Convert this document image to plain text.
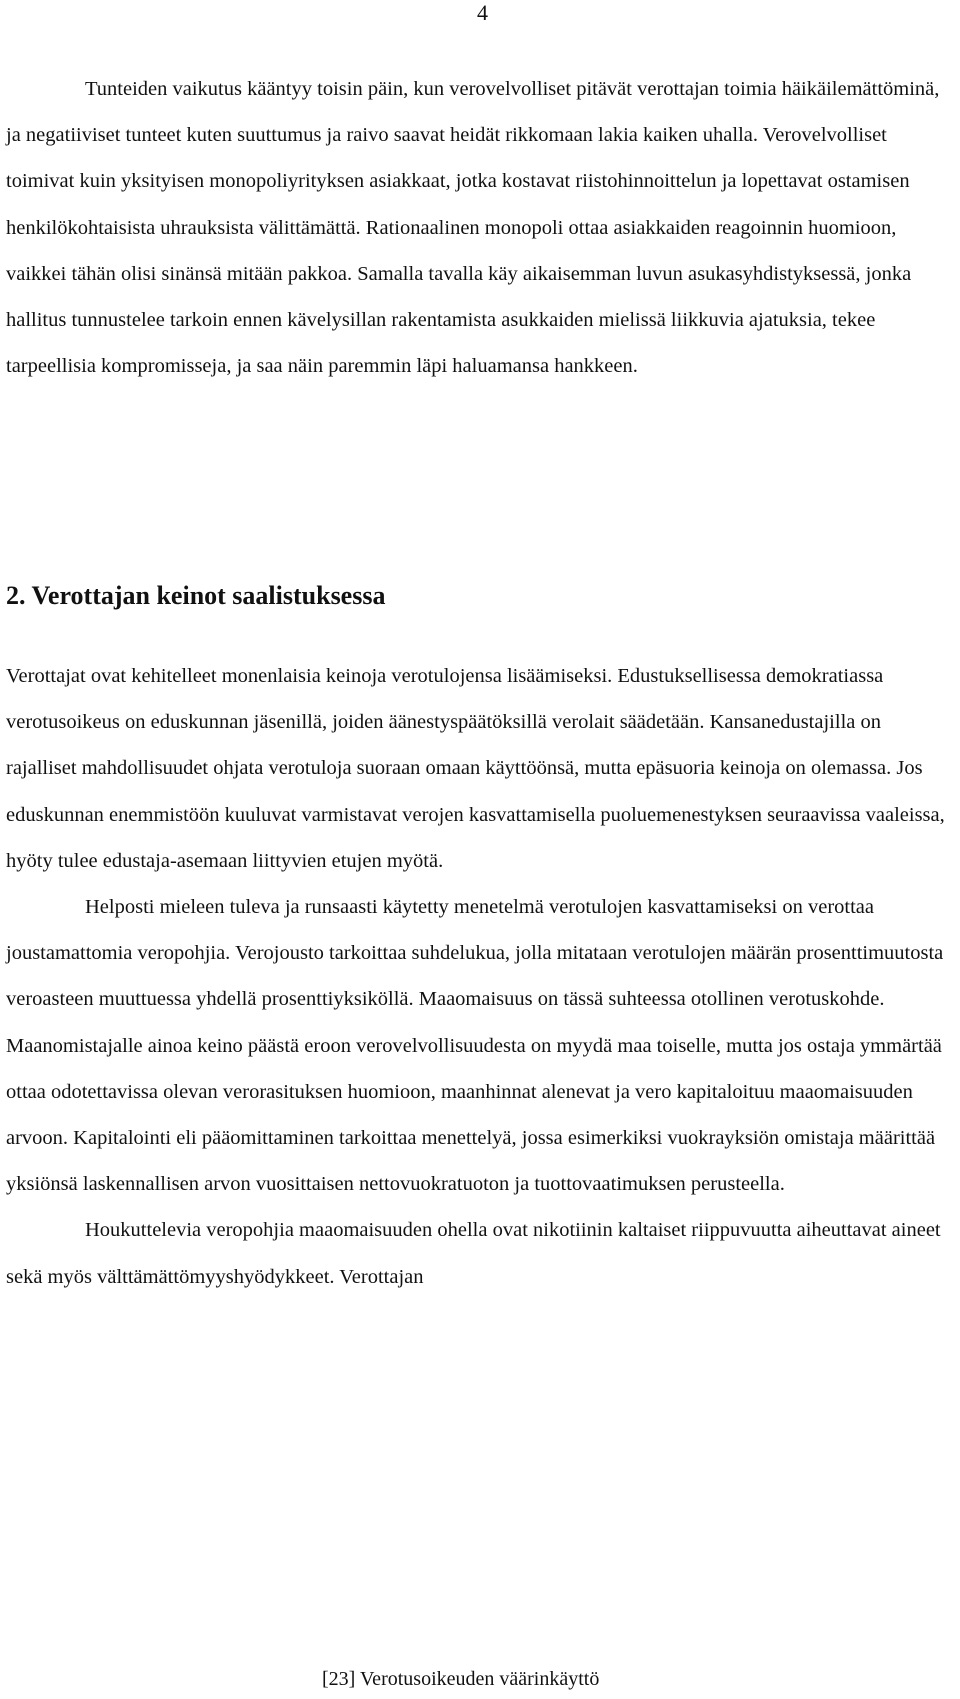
4

Tunteiden vaikutus kääntyy toisin päin, kun verovelvolliset pitävät verottajan toimia häikäilemättöminä, ja negatiiviset tunteet kuten suuttumus ja raivo saavat heidät rikkomaan lakia kaiken uhalla. Verovelvolliset toimivat kuin yksityisen monopoliyrityksen asiakkaat, jotka kostavat riistohinnoittelun ja lopettavat ostamisen henkilökohtaisista uhrauksista välittämättä. Rationaalinen monopoli ottaa asiakkaiden reagoinnin huomioon, vaikkei tähän olisi sinänsä mitään pakkoa. Samalla tavalla käy aikaisemman luvun asukasyhdistyksessä, jonka hallitus tunnustelee tarkoin ennen kävelysillan rakentamista asukkaiden mielissä liikkuvia ajatuksia, tekee tarpeellisia kompromisseja, ja saa näin paremmin läpi haluamansa hankkeen.

2. Verottajan keinot saalistuksessa

Verottajat ovat kehitelleet monenlaisia keinoja verotulojensa lisäämiseksi. Edustuksellisessa demokratiassa verotusoikeus on eduskunnan jäsenillä, joiden äänestyspäätöksillä verolait säädetään. Kansanedustajilla on rajalliset mahdollisuudet ohjata verotuloja suoraan omaan käyttöönsä, mutta epäsuoria keinoja on olemassa. Jos eduskunnan enemmistöön kuuluvat varmistavat verojen kasvattamisella puoluemenestyksen seuraavissa vaaleissa, hyöty tulee edustaja-asemaan liittyvien etujen myötä.

Helposti mieleen tuleva ja runsaasti käytetty menetelmä verotulojen kasvattamiseksi on verottaa joustamattomia veropohjia. Verojousto tarkoittaa suhdelukua, jolla mitataan verotulojen määrän prosenttimuutosta veroasteen muuttuessa yhdellä prosenttiyksiköllä. Maaomaisuus on tässä suhteessa otollinen verotuskohde. Maanomistajalle ainoa keino päästä eroon verovelvollisuudesta on myydä maa toiselle, mutta jos ostaja ymmärtää ottaa odotettavissa olevan verorasituksen huomioon, maanhinnat alenevat ja vero kapitaloituu maaomaisuuden arvoon. Kapitalointi eli pääomittaminen tarkoittaa menettelyä, jossa esimerkiksi vuokrayksiön omistaja määrittää yksiönsä laskennallisen arvon vuosittaisen nettovuokratuoton ja tuottovaatimuksen perusteella.

Houkuttelevia veropohjia maaomaisuuden ohella ovat nikotiinin kaltaiset riippuvuutta aiheuttavat aineet sekä myös välttämättömyyshyödykkeet. Verottajan

[23] Verotusoikeuden väärinkäyttö
